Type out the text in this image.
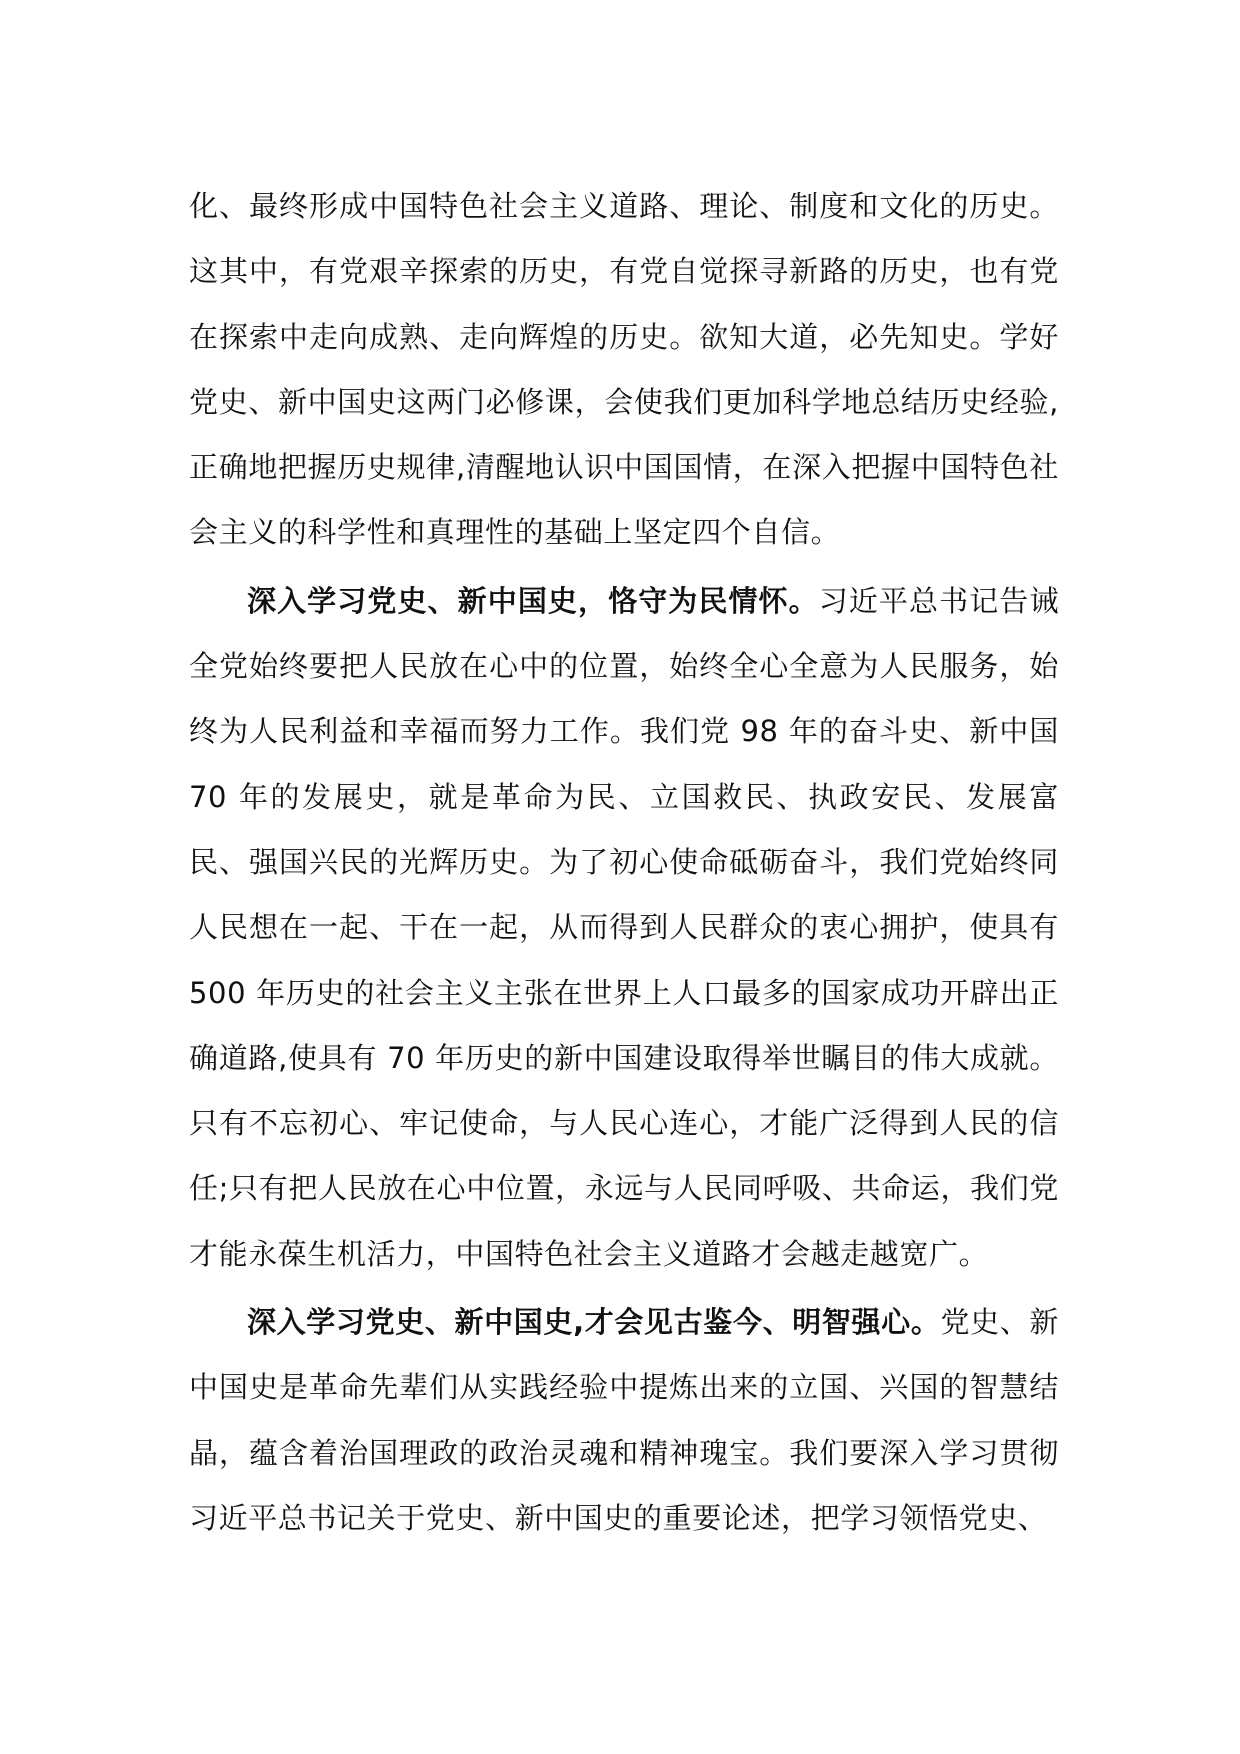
化、最终形成中国特色社会主义道路、理论、制度和文化的历史。这其中，有党艰辛探索的历史，有党自觉探寻新路的历史，也有党在探索中走向成熟、走向辉煌的历史。欲知大道，必先知史。学好党史、新中国史这两门必修课，会使我们更加科学地总结历史经验,正确地把握历史规律,清醒地认识中国国情，在深入把握中国特色社会主义的科学性和真理性的基础上坚定四个自信。

深入学习党史、新中国史，恪守为民情怀。习近平总书记告诫全党始终要把人民放在心中的位置，始终全心全意为人民服务，始终为人民利益和幸福而努力工作。我们党 98 年的奋斗史、新中国 70 年的发展史，就是革命为民、立国救民、执政安民、发展富民、强国兴民的光辉历史。为了初心使命砥砺奋斗，我们党始终同人民想在一起、干在一起，从而得到人民群众的衷心拥护，使具有 500 年历史的社会主义主张在世界上人口最多的国家成功开辟出正确道路,使具有 70 年历史的新中国建设取得举世瞩目的伟大成就。只有不忘初心、牢记使命，与人民心连心，才能广泛得到人民的信任;只有把人民放在心中位置，永远与人民同呼吸、共命运，我们党才能永葆生机活力，中国特色社会主义道路才会越走越宽广。

深入学习党史、新中国史,才会见古鉴今、明智强心。党史、新中国史是革命先辈们从实践经验中提炼出来的立国、兴国的智慧结晶，蕴含着治国理政的政治灵魂和精神瑰宝。我们要深入学习贯彻习近平总书记关于党史、新中国史的重要论述，把学习领悟党史、
